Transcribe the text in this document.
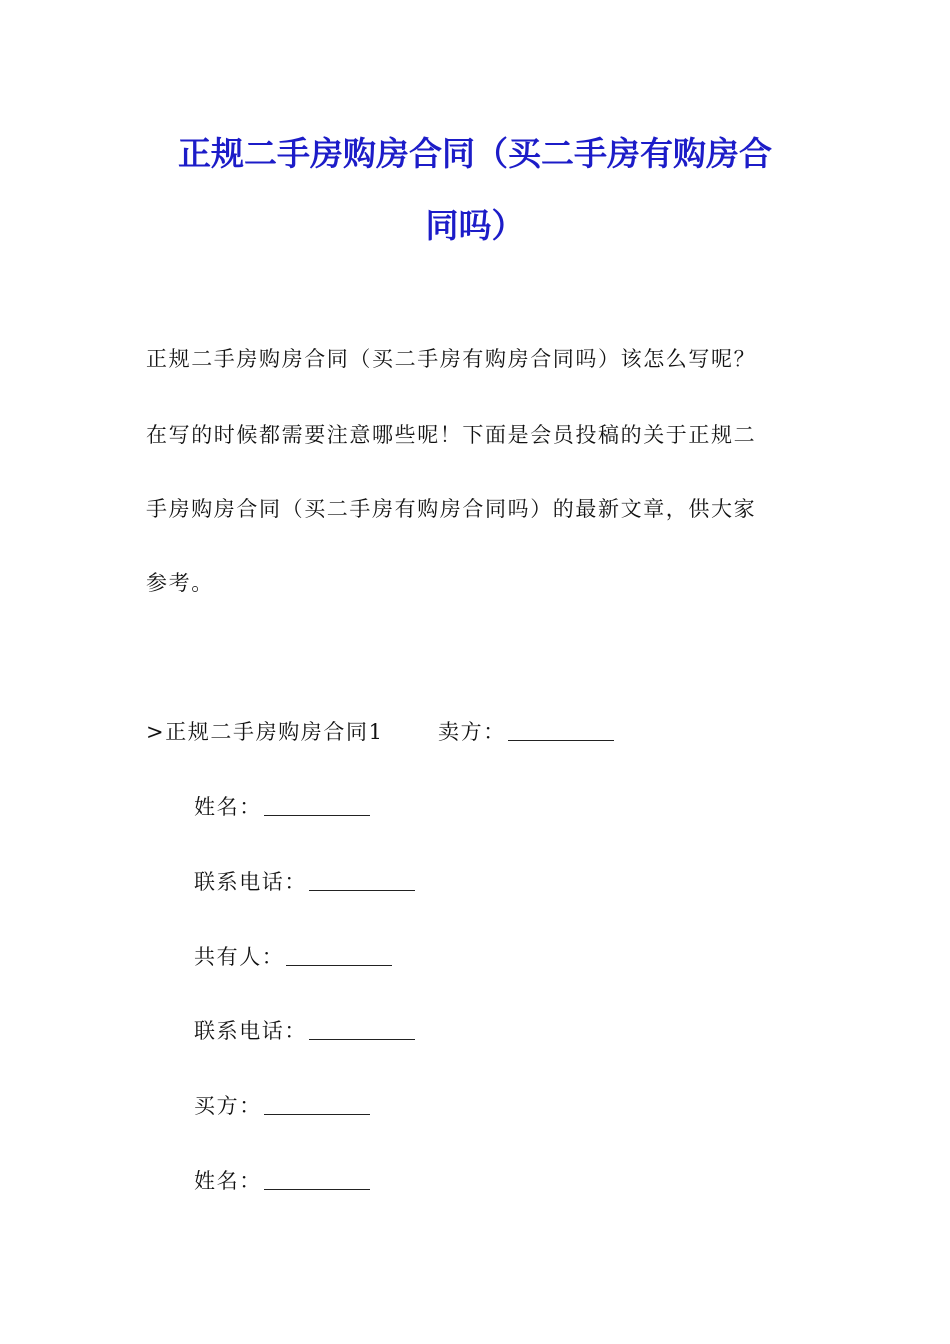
正规二手房购房合同（买二手房有购房合
同吗）
正规二手房购房合同（买二手房有购房合同吗）该怎么写呢？
在写的时候都需要注意哪些呢！下面是会员投稿的关于正规二
手房购房合同（买二手房有购房合同吗）的最新文章，供大家
参考。
>正规二手房购房合同1	卖方：
姓名：
联系电话：
共有人：
联系电话：
买方：
姓名：
